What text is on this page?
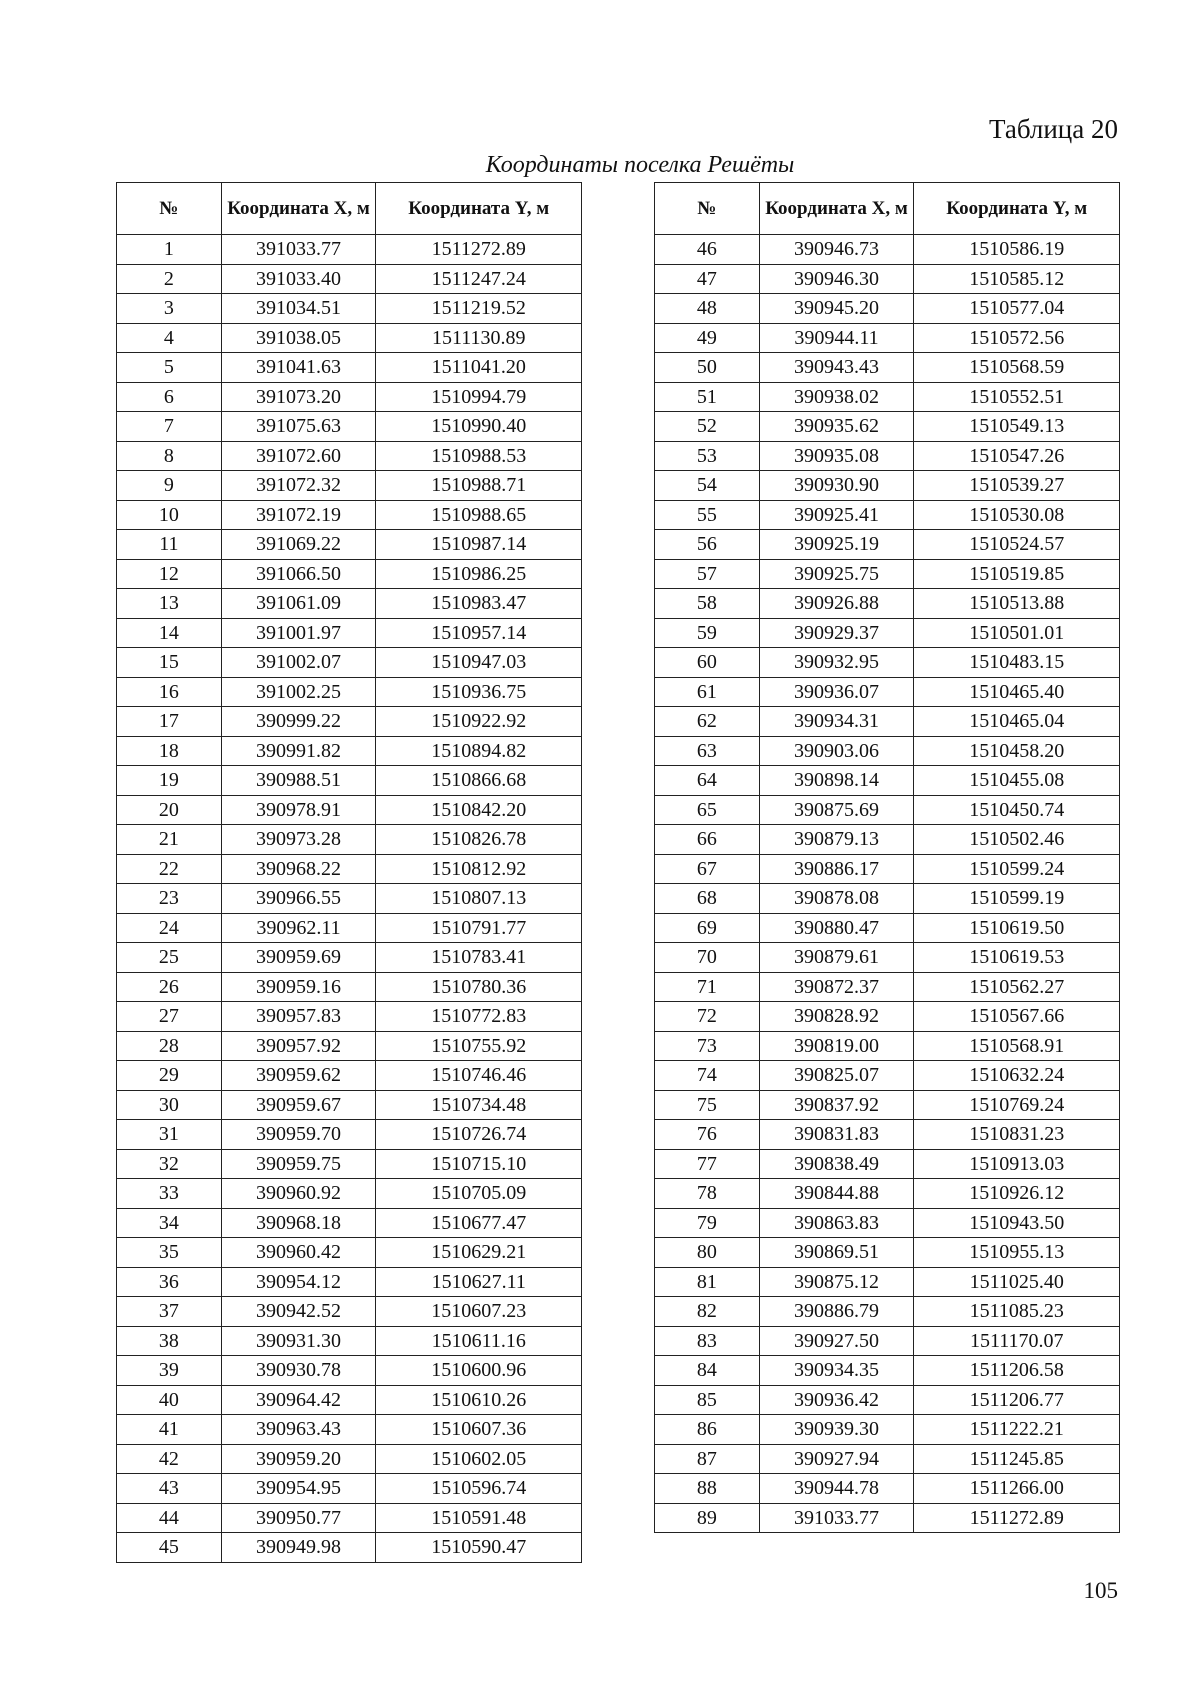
Таблица 20
Координаты поселка Решёты
№	Координата X, м	Координата Y, м
1	391033.77	1511272.89
2	391033.40	1511247.24
3	391034.51	1511219.52
4	391038.05	1511130.89
5	391041.63	1511041.20
6	391073.20	1510994.79
7	391075.63	1510990.40
8	391072.60	1510988.53
9	391072.32	1510988.71
10	391072.19	1510988.65
11	391069.22	1510987.14
12	391066.50	1510986.25
13	391061.09	1510983.47
14	391001.97	1510957.14
15	391002.07	1510947.03
16	391002.25	1510936.75
17	390999.22	1510922.92
18	390991.82	1510894.82
19	390988.51	1510866.68
20	390978.91	1510842.20
21	390973.28	1510826.78
22	390968.22	1510812.92
23	390966.55	1510807.13
24	390962.11	1510791.77
25	390959.69	1510783.41
26	390959.16	1510780.36
27	390957.83	1510772.83
28	390957.92	1510755.92
29	390959.62	1510746.46
30	390959.67	1510734.48
31	390959.70	1510726.74
32	390959.75	1510715.10
33	390960.92	1510705.09
34	390968.18	1510677.47
35	390960.42	1510629.21
36	390954.12	1510627.11
37	390942.52	1510607.23
38	390931.30	1510611.16
39	390930.78	1510600.96
40	390964.42	1510610.26
41	390963.43	1510607.36
42	390959.20	1510602.05
43	390954.95	1510596.74
44	390950.77	1510591.48
45	390949.98	1510590.47
№	Координата X, м	Координата Y, м
46	390946.73	1510586.19
47	390946.30	1510585.12
48	390945.20	1510577.04
49	390944.11	1510572.56
50	390943.43	1510568.59
51	390938.02	1510552.51
52	390935.62	1510549.13
53	390935.08	1510547.26
54	390930.90	1510539.27
55	390925.41	1510530.08
56	390925.19	1510524.57
57	390925.75	1510519.85
58	390926.88	1510513.88
59	390929.37	1510501.01
60	390932.95	1510483.15
61	390936.07	1510465.40
62	390934.31	1510465.04
63	390903.06	1510458.20
64	390898.14	1510455.08
65	390875.69	1510450.74
66	390879.13	1510502.46
67	390886.17	1510599.24
68	390878.08	1510599.19
69	390880.47	1510619.50
70	390879.61	1510619.53
71	390872.37	1510562.27
72	390828.92	1510567.66
73	390819.00	1510568.91
74	390825.07	1510632.24
75	390837.92	1510769.24
76	390831.83	1510831.23
77	390838.49	1510913.03
78	390844.88	1510926.12
79	390863.83	1510943.50
80	390869.51	1510955.13
81	390875.12	1511025.40
82	390886.79	1511085.23
83	390927.50	1511170.07
84	390934.35	1511206.58
85	390936.42	1511206.77
86	390939.30	1511222.21
87	390927.94	1511245.85
88	390944.78	1511266.00
89	391033.77	1511272.89
105
